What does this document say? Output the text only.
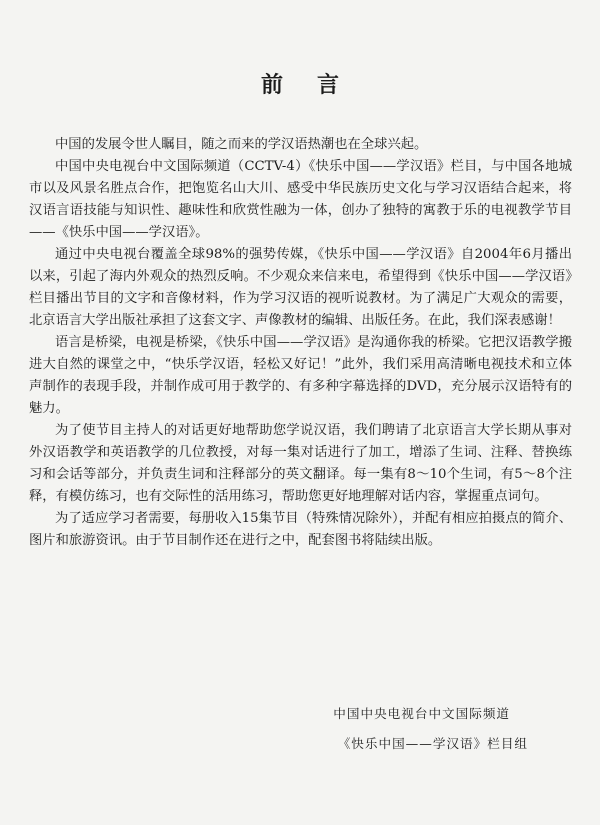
前 言

中国的发展令世人瞩目，随之而来的学汉语热潮也在全球兴起。

中国中央电视台中文国际频道（CCTV-4）《快乐中国——学汉语》栏目，与中国各地城市以及风景名胜点合作，把饱览名山大川、感受中华民族历史文化与学习汉语结合起来，将汉语言语技能与知识性、趣味性和欣赏性融为一体，创办了独特的寓教于乐的电视教学节目——《快乐中国——学汉语》。

通过中央电视台覆盖全球98%的强势传媒，《快乐中国——学汉语》自2004年6月播出以来，引起了海内外观众的热烈反响。不少观众来信来电，希望得到《快乐中国——学汉语》栏目播出节目的文字和音像材料，作为学习汉语的视听说教材。为了满足广大观众的需要，北京语言大学出版社承担了这套文字、声像教材的编辑、出版任务。在此，我们深表感谢！

语言是桥梁，电视是桥梁，《快乐中国——学汉语》是沟通你我的桥梁。它把汉语教学搬进大自然的课堂之中，“快乐学汉语，轻松又好记！”此外，我们采用高清晰电视技术和立体声制作的表现手段，并制作成可用于教学的、有多种字幕选择的DVD，充分展示汉语特有的魅力。

为了使节目主持人的对话更好地帮助您学说汉语，我们聘请了北京语言大学长期从事对外汉语教学和英语教学的几位教授，对每一集对话进行了加工，增添了生词、注释、替换练习和会话等部分，并负责生词和注释部分的英文翻译。每一集有8～10个生词，有5～8个注释，有模仿练习，也有交际性的活用练习，帮助您更好地理解对话内容，掌握重点词句。

为了适应学习者需要，每册收入15集节目（特殊情况除外），并配有相应拍摄点的简介、图片和旅游资讯。由于节目制作还在进行之中，配套图书将陆续出版。

中国中央电视台中文国际频道
《快乐中国——学汉语》栏目组
